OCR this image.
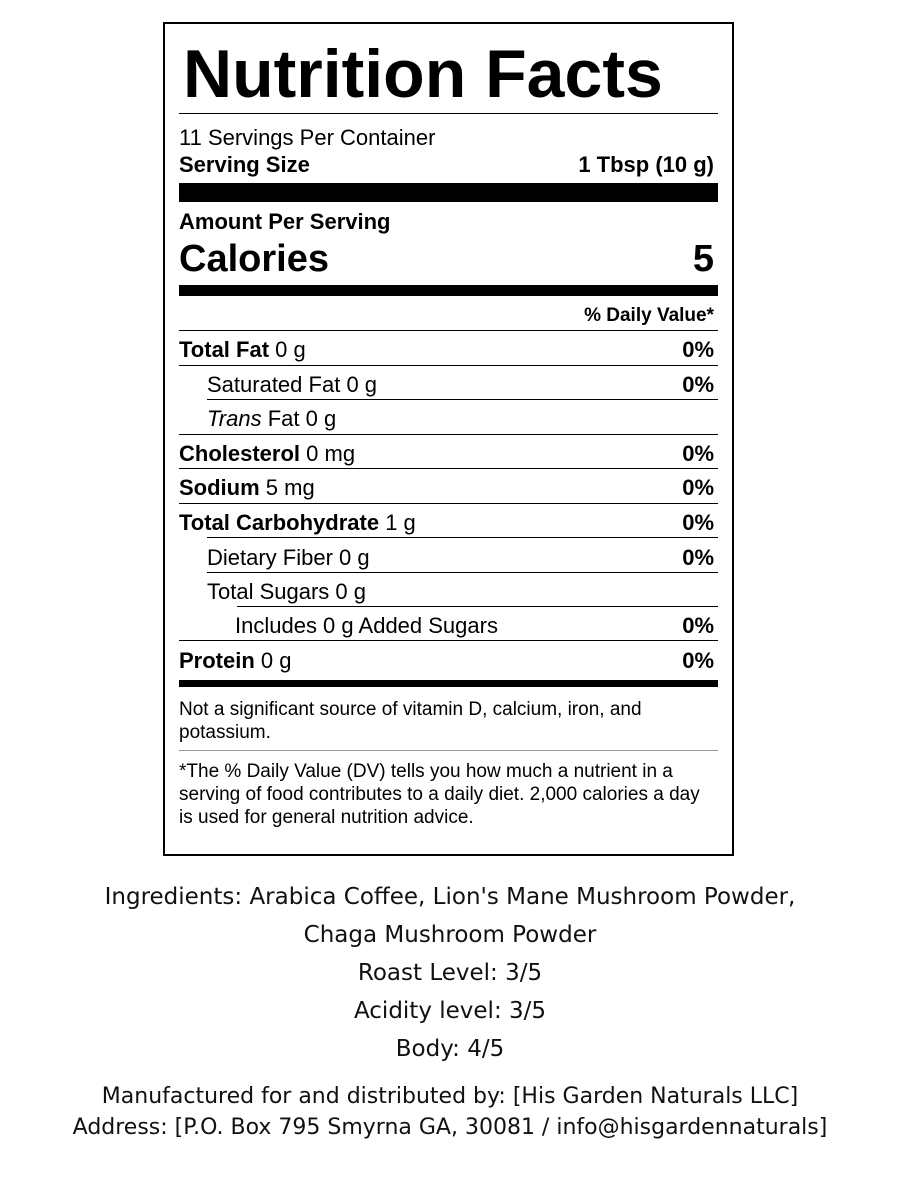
Nutrition Facts
11 Servings Per Container
Serving Size	1 Tbsp (10 g)
Amount Per Serving
Calories	5
% Daily Value*
Total Fat 0 g	0%
Saturated Fat 0 g	0%
Trans Fat 0 g
Cholesterol 0 mg	0%
Sodium 5 mg	0%
Total Carbohydrate 1 g	0%
Dietary Fiber 0 g	0%
Total Sugars 0 g
Includes 0 g Added Sugars	0%
Protein 0 g	0%
Not a significant source of vitamin D, calcium, iron, and potassium.
*The % Daily Value (DV) tells you how much a nutrient in a serving of food contributes to a daily diet. 2,000 calories a day is used for general nutrition advice.
Ingredients: Arabica Coffee, Lion's Mane Mushroom Powder,
Chaga Mushroom Powder
Roast Level: 3/5
Acidity level: 3/5
Body: 4/5
Manufactured for and distributed by: [His Garden Naturals LLC]
Address: [P.O. Box 795 Smyrna GA, 30081 / info@hisgardennaturals]
